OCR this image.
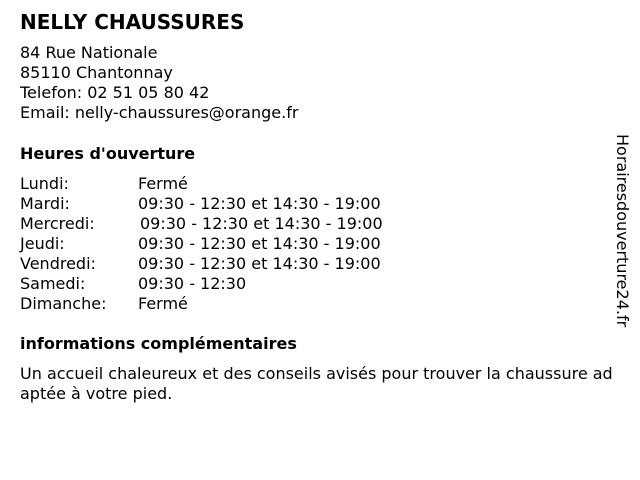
NELLY CHAUSSURES
84 Rue Nationale
85110 Chantonnay
Telefon: 02 51 05 80 42
Email: nelly-chaussures@orange.fr
Heures d'ouverture
Lundi:	Fermé
Mardi:	09:30 - 12:30 et 14:30 - 19:00
Mercredi:	09:30 - 12:30 et 14:30 - 19:00
Jeudi:	09:30 - 12:30 et 14:30 - 19:00
Vendredi:	09:30 - 12:30 et 14:30 - 19:00
Samedi:	09:30 - 12:30
Dimanche: Fermé
informations complémentaires
Un accueil chaleureux et des conseils avisés pour trouver la chaussure adaptée à votre pied.
Horairesdouverture24.fr
